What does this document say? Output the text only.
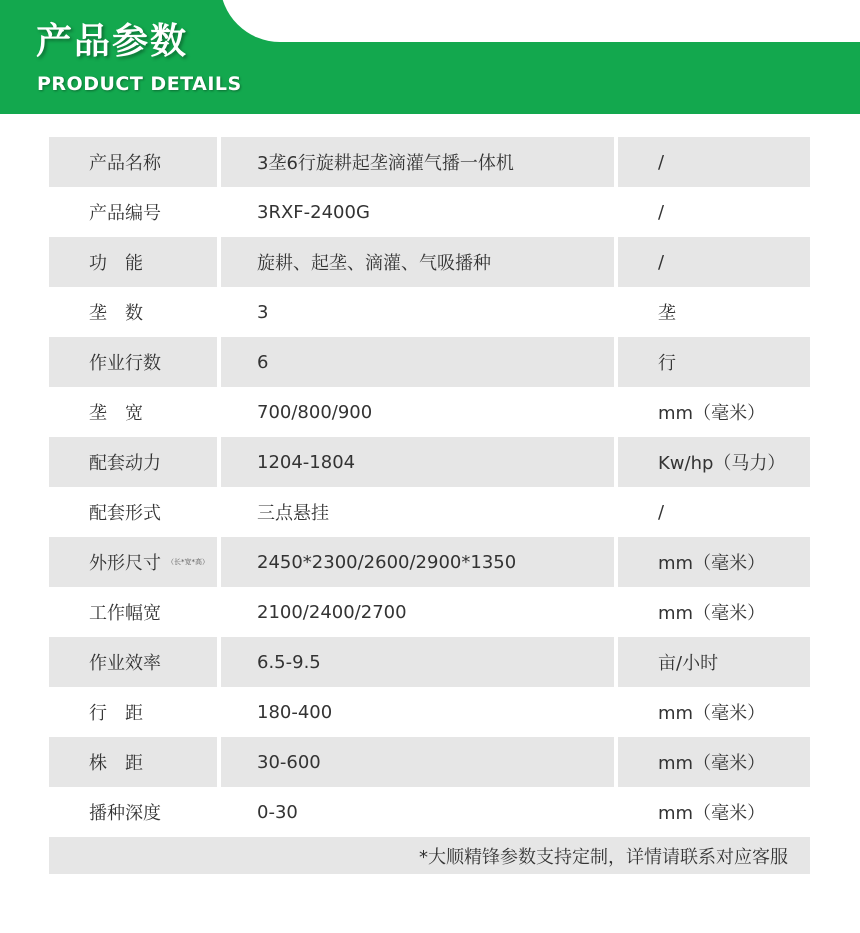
产品参数
PRODUCT DETAILS
产品名称	3垄6行旋耕起垄滴灌气播一体机	/
产品编号	3RXF-2400G	/
功　能	旋耕、起垄、滴灌、气吸播种	/
垄　数	3	垄
作业行数	6	行
垄　宽	700/800/900	mm（毫米）
配套动力	1204-1804	Kw/hp（马力）
配套形式	三点悬挂	/
外形尺寸 （长*宽*高）	2450*2300/2600/2900*1350	mm（毫米）
工作幅宽	2100/2400/2700	mm（毫米）
作业效率	6.5-9.5	亩/小时
行　距	180-400	mm（毫米）
株　距	30-600	mm（毫米）
播种深度	0-30	mm（毫米）
*大顺精锋参数支持定制，详情请联系对应客服
